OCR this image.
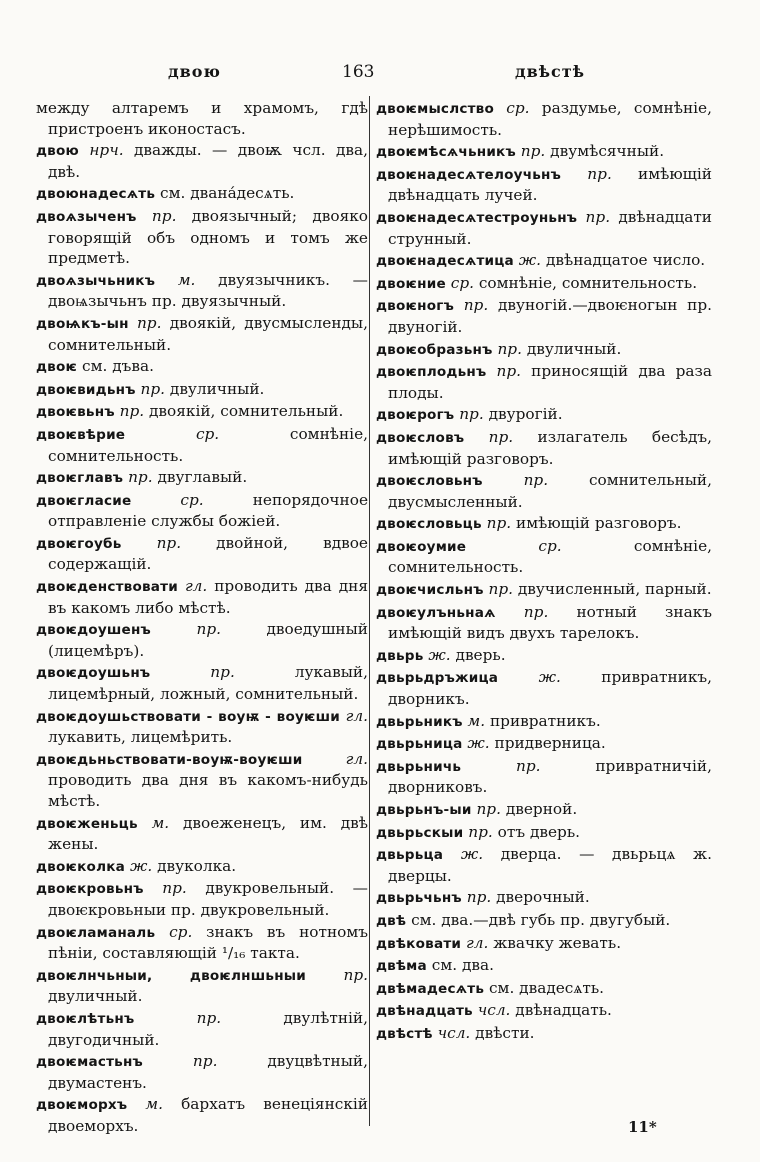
двою	163	двѣстѣ
между алтаремъ и храмомъ, гдѣ пристроенъ иконостасъ.
двою нрч. дважды. — двоѭ чсл. два, двѣ.
двоюнадесѧть см. двана́десѧть.
двоѧзыченъ пр. двоязычный; двояко говорящій объ одномъ и томъ же предметѣ.
двоѧзычьникъ м. двуязычникъ. — двоѩзычьнъ пр. двуязычный.
двоѩкъ-ын пр. двоякій, двусмысленды, сомнительный.
двоѥ см. дъва.
двоѥвидьнъ пр. двуличный.
двоѥвьнъ пр. двоякій, сомнительный.
двоѥвѣрие	ср.	сомнѣніе, сомнительность.
двоѥглавъ пр. двуглавый.
двоѥгласие	ср.	непорядочное отправленіе службы божіей.
двоѥгоубь пр. двойной, вдвое содержащій.
двоѥденствовати гл. проводить два дня въ какомъ либо мѣстѣ.
двоѥдоушенъ	пр.	двоедушный (лицемѣръ).
двоѥдоушьнъ	пр.	лукавый, лицемѣрный, ложный, сомнительный.
двоѥдоушьствовати - воуѭ - воуѥши гл. лукавить, лицемѣрить.
двоѥдьньствовати-воуѭ-воуѥши	гл. проводить два дня въ какомъ-нибудь мѣстѣ.
двоѥженьць м. двоеженецъ, им. двѣ жены.
двоѥколка ж. двуколка.
двоѥкровьнъ пр. двукровельный. — двоѥкровьныи пр. двукровельный.
двоѥламаналь ср. знакъ въ нотномъ пѣніи, составляющій ¹/₁₆ такта.
двоѥлнчьныи, двоѥлншьныи пр. двуличный.
двоѥлѣтьнъ	пр.	двулѣтній, двугодичный.
двоѥмастьнъ	пр.	двуцвѣтный, двумастенъ.
двоѥморхъ м. бархатъ венеціянскій двоеморхъ.
двоѥмыслство ср. раздумье, сомнѣніе, нерѣшимость.
двоѥмѣсѧчьникъ пр. двумѣсячный.
двоѥнадесѧтелоучьнъ пр. имѣющій двѣнадцать лучей.
двоѥнадесѧтестроуньнъ пр. двѣнадцати струнный.
двоѥнадесѧтица ж. двѣнадцатое число.
двоѥние ср. сомнѣніе, сомнительность.
двоѥногъ пр. двуногій.—двоѥногын пр. двуногій.
двоѥобразьнъ пр. двуличный.
двоѥплодьнъ пр. приносящій два раза плоды.
двоѥрогъ пр. двурогій.
двоѥсловъ пр. излагатель бесѣдъ, имѣющій разговоръ.
двоѥсловьнъ	пр.	сомнительный, двусмысленный.
двоѥсловьць пр. имѣющій разговоръ.
двоѥоумие	ср.	сомнѣніе, сомнительность.
двоѥчисльнъ пр. двучисленный, парный.
двоѥулъньнаѧ пр. нотный знакъ имѣющій видъ двухъ тарелокъ.
двьрь ж. дверь.
двьрьдръжица	ж.	привратникъ, дворникъ.
двьрьникъ м. привратникъ.
двьрьница ж. придверница.
двьрьничь	пр.	привратничій, дворниковъ.
двьрьнъ-ыи пр. дверной.
двьрьскыи пр. отъ дверь.
двьрьца ж. дверца. — двьрьцѧ ж. дверцы.
двьрьчьнъ пр. дверочный.
двѣ см. два.—двѣ губь пр. двугубый.
двѣковати гл. жвачку жевать.
двѣма см. два.
двѣмадесѧть см. двадесѧть.
двѣнадцать чсл. двѣнадцать.
двѣстѣ чсл. двѣсти.
11*
